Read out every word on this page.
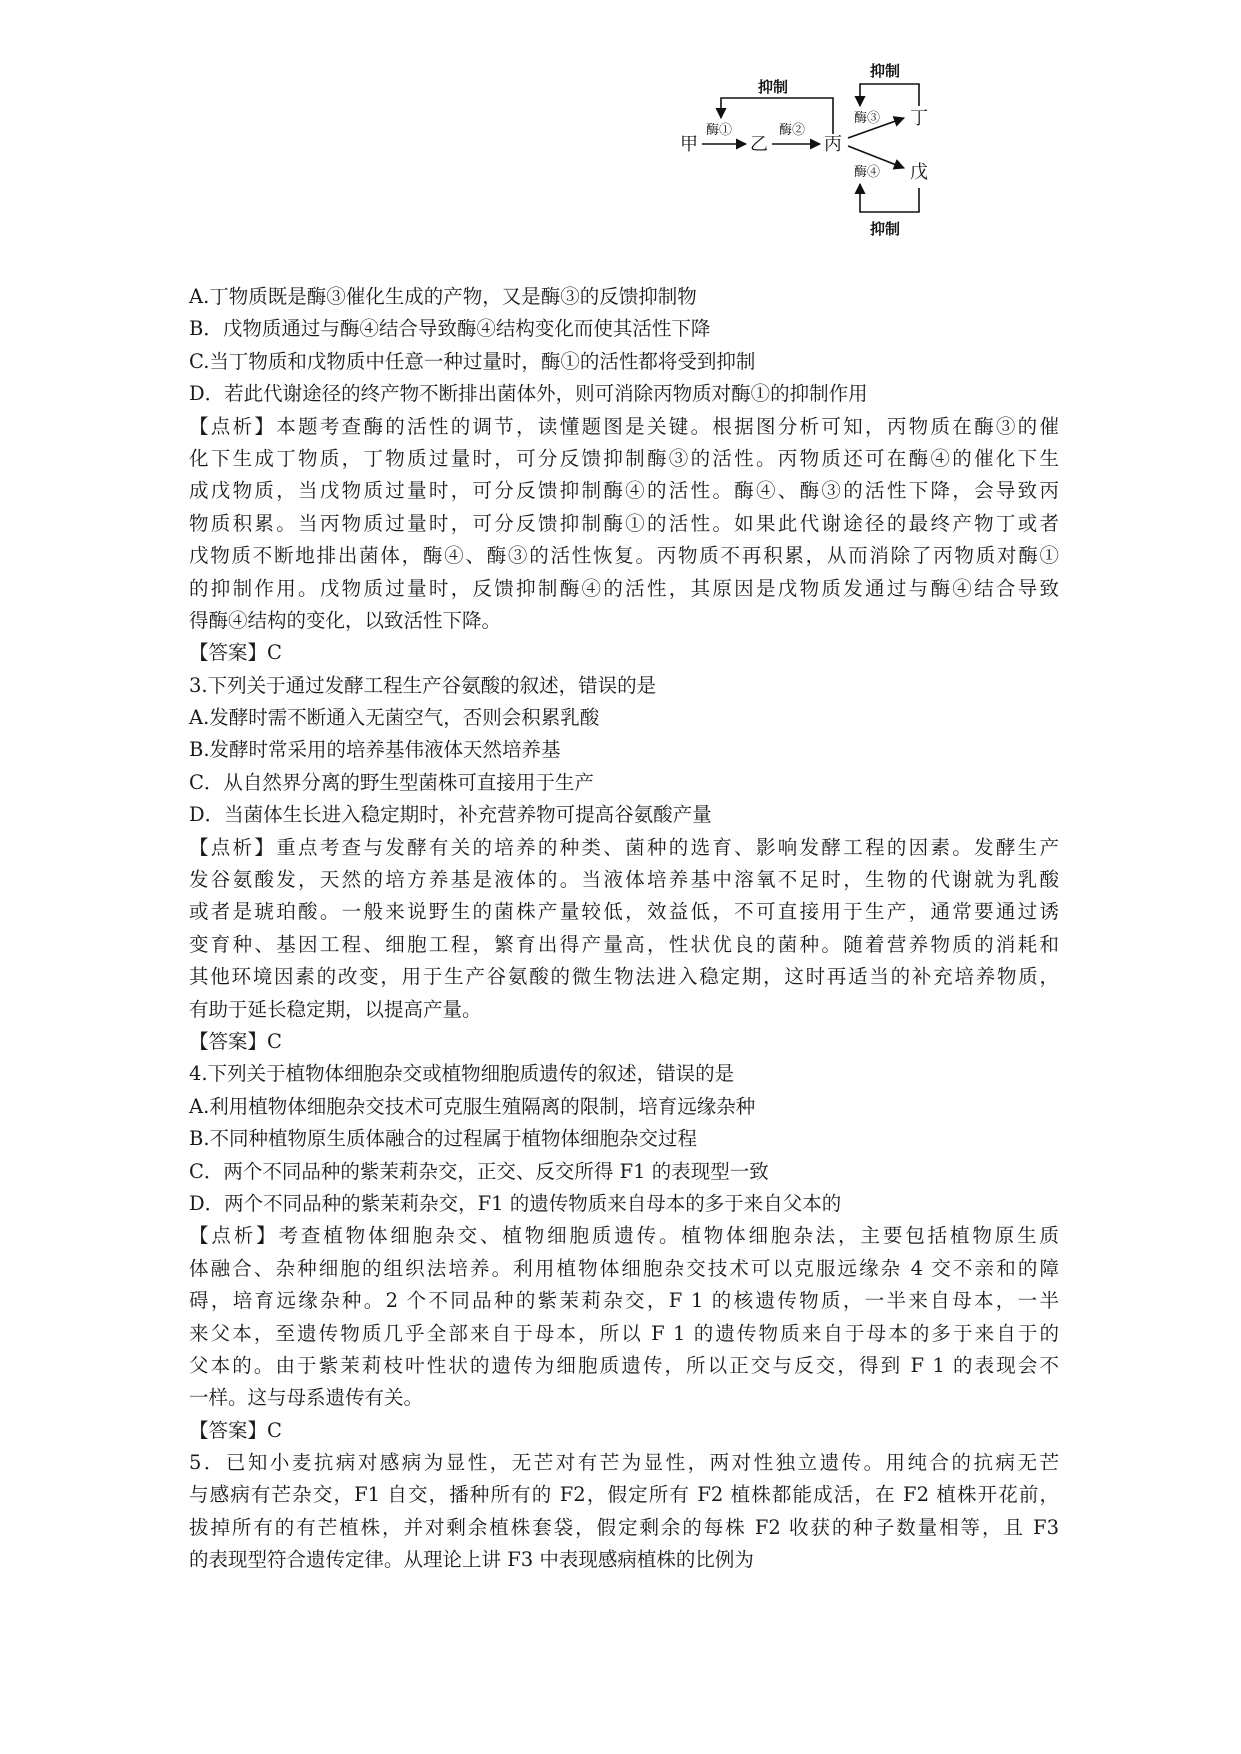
甲
酶①
乙
酶②
丙
抑制
酶③ 丁
酶④ 戊
抑制
抑制
A.丁物质既是酶③催化生成的产物，又是酶③的反馈抑制物
B．戊物质通过与酶④结合导致酶④结构变化而使其活性下降
C.当丁物质和戊物质中任意一种过量时，酶①的活性都将受到抑制
D．若此代谢途径的终产物不断排出菌体外，则可消除丙物质对酶①的抑制作用
【点析】本题考查酶的活性的调节，读懂题图是关键。根据图分析可知，丙物质在酶③的催
化下生成丁物质，丁物质过量时，可分反馈抑制酶③的活性。丙物质还可在酶④的催化下生
成戊物质，当戊物质过量时，可分反馈抑制酶④的活性。酶④、酶③的活性下降，会导致丙
物质积累。当丙物质过量时，可分反馈抑制酶①的活性。如果此代谢途径的最终产物丁或者
戊物质不断地排出菌体，酶④、酶③的活性恢复。丙物质不再积累，从而消除了丙物质对酶①
的抑制作用。戊物质过量时，反馈抑制酶④的活性，其原因是戊物质发通过与酶④结合导致
得酶④结构的变化，以致活性下降。
【答案】C
3.下列关于通过发酵工程生产谷氨酸的叙述，错误的是
A.发酵时需不断通入无菌空气，否则会积累乳酸
B.发酵时常采用的培养基伟液体天然培养基
C．从自然界分离的野生型菌株可直接用于生产
D．当菌体生长进入稳定期时，补充营养物可提高谷氨酸产量
【点析】重点考查与发酵有关的培养的种类、菌种的选育、影响发酵工程的因素。发酵生产
发谷氨酸发，天然的培方养基是液体的。当液体培养基中溶氧不足时，生物的代谢就为乳酸
或者是琥珀酸。一般来说野生的菌株产量较低，效益低，不可直接用于生产，通常要通过诱
变育种、基因工程、细胞工程，繁育出得产量高，性状优良的菌种。随着营养物质的消耗和
其他环境因素的改变，用于生产谷氨酸的微生物法进入稳定期，这时再适当的补充培养物质，
有助于延长稳定期，以提高产量。
【答案】C
4.下列关于植物体细胞杂交或植物细胞质遗传的叙述，错误的是
A.利用植物体细胞杂交技术可克服生殖隔离的限制，培育远缘杂种
B.不同种植物原生质体融合的过程属于植物体细胞杂交过程
C．两个不同品种的紫茉莉杂交，正交、反交所得 F1 的表现型一致
D．两个不同品种的紫茉莉杂交，F1 的遗传物质来自母本的多于来自父本的
【点析】考查植物体细胞杂交、植物细胞质遗传。植物体细胞杂法，主要包括植物原生质
体融合、杂种细胞的组织法培养。利用植物体细胞杂交技术可以克服远缘杂 4 交不亲和的障
碍，培育远缘杂种。2 个不同品种的紫茉莉杂交，F 1 的核遗传物质，一半来自母本，一半
来父本，至遗传物质几乎全部来自于母本，所以 F 1 的遗传物质来自于母本的多于来自于的
父本的。由于紫茉莉枝叶性状的遗传为细胞质遗传，所以正交与反交，得到 F 1 的表现会不
一样。这与母系遗传有关。
【答案】C
5．已知小麦抗病对感病为显性，无芒对有芒为显性，两对性独立遗传。用纯合的抗病无芒
与感病有芒杂交，F1 自交，播种所有的 F2，假定所有 F2 植株都能成活，在 F2 植株开花前，
拔掉所有的有芒植株，并对剩余植株套袋，假定剩余的每株 F2 收获的种子数量相等，且 F3
的表现型符合遗传定律。从理论上讲 F3 中表现感病植株的比例为
